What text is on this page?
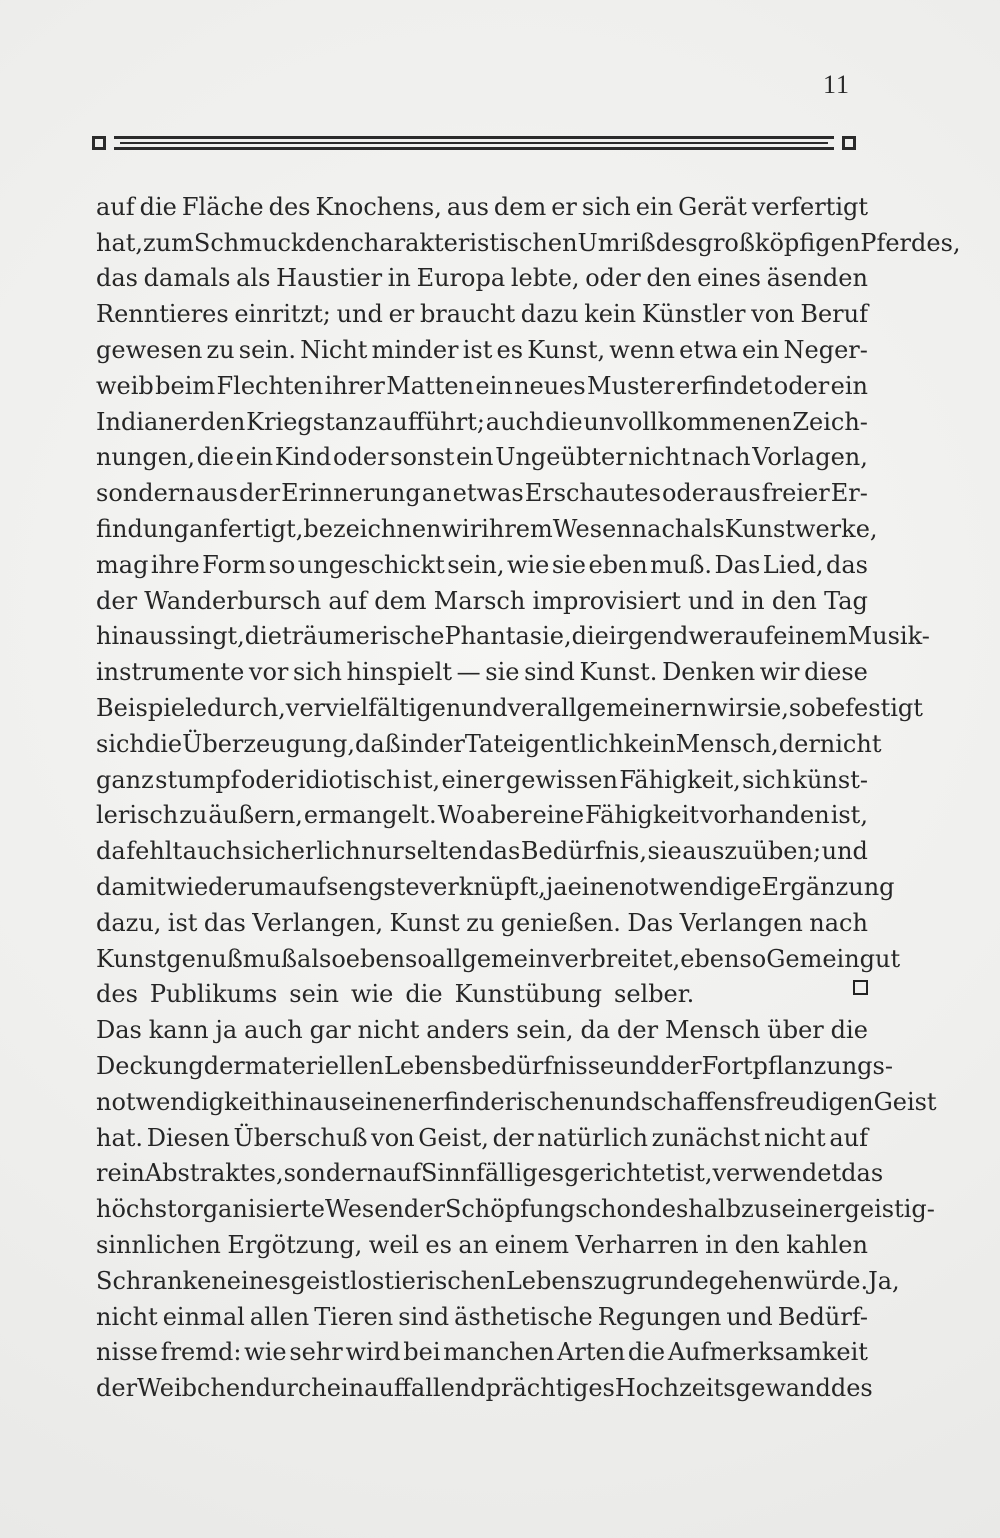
11
auf die Fläche des Knochens, aus dem er sich ein Gerät verfertigt
hat, zum Schmuck den charakteristischen Umriß des großköpfigen Pferdes,
das damals als Haustier in Europa lebte, oder den eines äsenden
Renntieres einritzt; und er braucht dazu kein Künstler von Beruf
gewesen zu sein. Nicht minder ist es Kunst, wenn etwa ein Neger-
weib beim Flechten ihrer Matten ein neues Muster erfindet oder ein
Indianer den Kriegstanz aufführt; auch die unvollkommenen Zeich-
nungen, die ein Kind oder sonst ein Ungeübter nicht nach Vorlagen,
sondern aus der Erinnerung an etwas Erschautes oder aus freier Er-
findung anfertigt, bezeichnen wir ihrem Wesen nach als Kunstwerke,
mag ihre Form so ungeschickt sein, wie sie eben muß. Das Lied, das
der Wanderbursch auf dem Marsch improvisiert und in den Tag
hinaussingt, die träumerische Phantasie, die irgendwer auf einem Musik-
instrumente vor sich hinspielt — sie sind Kunst. Denken wir diese
Beispiele durch, vervielfältigen und verallgemeinern wir sie, so befestigt
sich die Überzeugung, daß in der Tat eigentlich kein Mensch, der nicht
ganz stumpf oder idiotisch ist, einer gewissen Fähigkeit, sich künst-
lerisch zu äußern, ermangelt. Wo aber eine Fähigkeit vorhanden ist,
da fehlt auch sicherlich nur selten das Bedürfnis, sie auszuüben; und
damit wiederum aufs engste verknüpft, ja eine notwendige Ergänzung
dazu, ist das Verlangen, Kunst zu genießen. Das Verlangen nach
Kunstgenuß muß also ebenso allgemein verbreitet, ebenso Gemeingut
des Publikums sein wie die Kunstübung selber.
Das kann ja auch gar nicht anders sein, da der Mensch über die
Deckung der materiellen Lebensbedürfnisse und der Fortpflanzungs-
notwendigkeit hinaus einen erfinderischen und schaffensfreudigen Geist
hat. Diesen Überschuß von Geist, der natürlich zunächst nicht auf
rein Abstraktes, sondern auf Sinnfälliges gerichtet ist, verwendet das
höchstorganisierte Wesen der Schöpfung schon deshalb zu seiner geistig-
sinnlichen Ergötzung, weil es an einem Verharren in den kahlen
Schranken eines geistlos tierischen Lebens zugrunde gehen würde. Ja,
nicht einmal allen Tieren sind ästhetische Regungen und Bedürf-
nisse fremd: wie sehr wird bei manchen Arten die Aufmerksamkeit
der Weibchen durch ein auffallend prächtiges Hochzeitsgewand des
